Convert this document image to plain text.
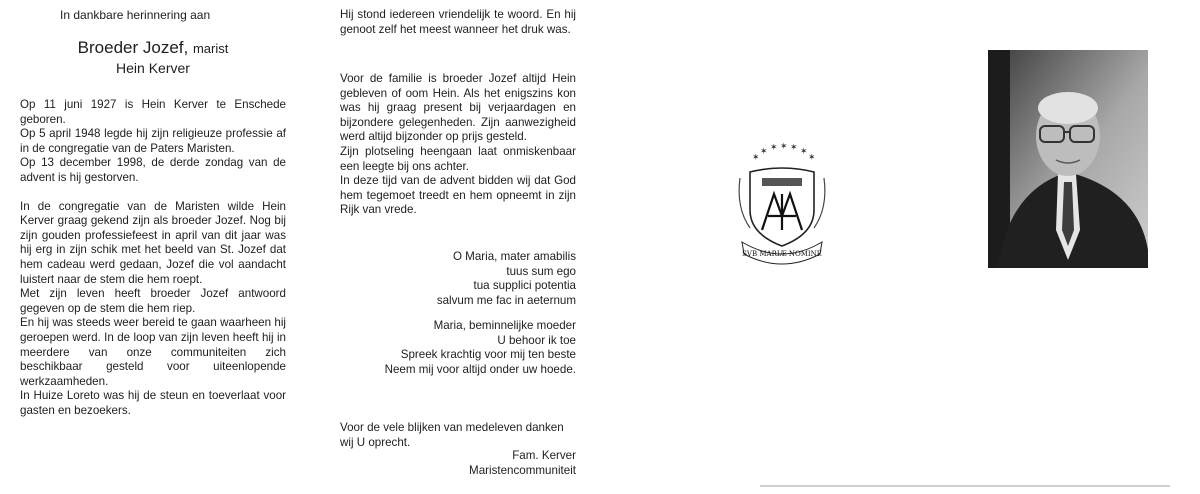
In dankbare herinnering aan
Broeder Jozef, marist
Hein Kerver

Op 11 juni 1927 is Hein Kerver te Enschede geboren.

Op 5 april 1948 legde hij zijn religieuze professie af in de congregatie van de Paters Maristen.

Op 13 december 1998, de derde zondag van de advent is hij gestorven.

In de congregatie van de Maristen wilde Hein Kerver graag gekend zijn als broeder Jozef. Nog bij zijn gouden professiefeest in april van dit jaar was hij erg in zijn schik met het beeld van St. Jozef dat hem cadeau werd gedaan, Jozef die vol aandacht luistert naar de stem die hem roept.

Met zijn leven heeft broeder Jozef antwoord gegeven op de stem die hem riep.

En hij was steeds weer bereid te gaan waarheen hij geroepen werd. In de loop van zijn leven heeft hij in meerdere van onze communiteiten zich beschikbaar gesteld voor uiteenlopende werkzaamheden.

In Huize Loreto was hij de steun en toeverlaat voor gasten en bezoekers.

Hij stond iedereen vriendelijk te woord. En hij genoot zelf het meest wanneer het druk was.

Voor de familie is broeder Jozef altijd Hein gebleven of oom Hein. Als het enigszins kon was hij graag present bij verjaardagen en bijzondere gelegenheden. Zijn aanwezigheid werd altijd bijzonder op prijs gesteld.

Zijn plotseling heengaan laat onmiskenbaar een leegte bij ons achter.

In deze tijd van de advent bidden wij dat God hem tegemoet treedt en hem opneemt in zijn Rijk van vrede.

O Maria, mater amabilis

tuus sum ego

tua supplici potentia

salvum me fac in aeternum

Maria, beminnelijke moeder

U behoor ik toe

Spreek krachtig voor mij ten beste

Neem mij voor altijd onder uw hoede.

Voor de vele blijken van medeleven danken wij U oprecht.

Fam. Kerver

Maristencommuniteit

✶ ✶ ✶ ✶ ✶
✶	✶
SVB MARIÆ NOMINE
